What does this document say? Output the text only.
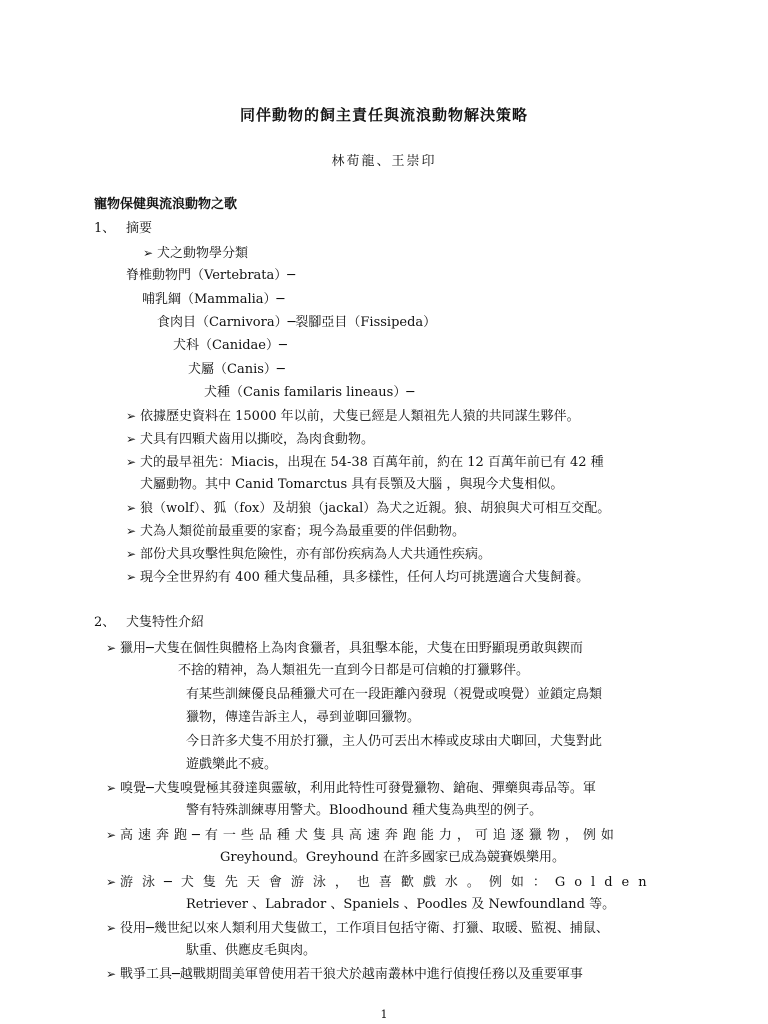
同伴動物的飼主責任與流浪動物解決策略
林荀龍、王崇印
寵物保健與流浪動物之歌
1、 摘要
➢ 犬之動物學分類
脊椎動物門（Vertebrata）─
哺乳綱（Mammalia）─
食肉目（Carnivora）─裂腳亞目（Fissipeda）
犬科（Canidae）─
犬屬（Canis）─
犬種（Canis familaris lineaus）─
➢ 依據歷史資料在 15000 年以前，犬隻已經是人類祖先人猿的共同謀生夥伴。
➢ 犬具有四顆犬齒用以撕咬，為肉食動物。
➢ 犬的最早祖先：Miacis，出現在 54-38 百萬年前，約在 12 百萬年前已有 42 種
犬屬動物。其中 Canid Tomarctus 具有長顎及大腦 ，與現今犬隻相似。
➢ 狼（wolf）、狐（fox）及胡狼（jackal）為犬之近親。狼、胡狼與犬可相互交配。
➢ 犬為人類從前最重要的家畜；現今為最重要的伴侶動物。
➢ 部份犬具攻擊性與危險性，亦有部份疾病為人犬共通性疾病。
➢ 現今全世界約有 400 種犬隻品種，具多樣性，任何人均可挑選適合犬隻飼養。
2、 犬隻特性介紹
➢ 獵用─犬隻在個性與體格上為肉食獵者，具狙擊本能，犬隻在田野顯現勇敢與鍥而
不捨的精神，為人類祖先一直到今日都是可信賴的打獵夥伴。
有某些訓練優良品種獵犬可在一段距離內發現（視覺或嗅覺）並鎖定鳥類
獵物，傳達告訴主人，尋到並啣回獵物。
今日許多犬隻不用於打獵，主人仍可丟出木棒或皮球由犬啣回，犬隻對此
遊戲樂此不疲。
➢ 嗅覺─犬隻嗅覺極其發達與靈敏，利用此特性可發覺獵物、鎗砲、彈藥與毒品等。軍
警有特殊訓練專用警犬。Bloodhound 種犬隻為典型的例子。
➢ 高速奔跑─有一些品種犬隻具高速奔跑能力，可追逐獵物，例如
Greyhound。Greyhound 在許多國家已成為競賽娛樂用。
➢ 游泳─犬隻先天會游泳，也喜歡戲水。例如：Golden
Retriever 、Labrador 、Spaniels 、Poodles 及 Newfoundland 等。
➢ 役用─幾世紀以來人類利用犬隻做工，工作項目包括守衛、打獵、取暖、監視、捕鼠、
馱重、供應皮毛與肉。
➢ 戰爭工具─越戰期間美軍曾使用若干狼犬於越南叢林中進行偵搜任務以及重要軍事
1
